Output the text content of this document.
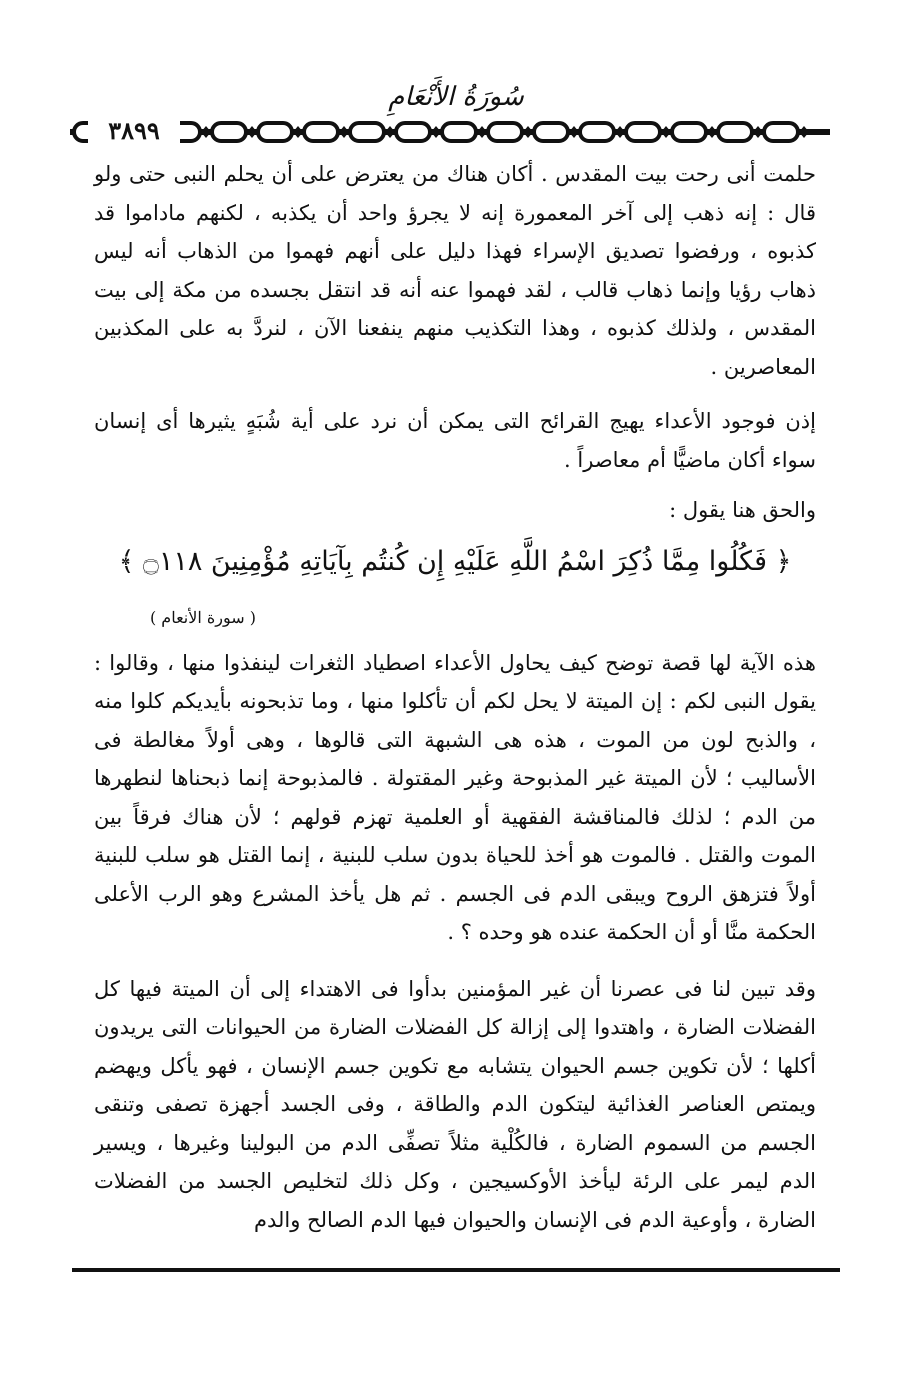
سُورَةُ الأَنْعَامِ
٣٨٩٩

حلمت أنى رحت بيت المقدس . أكان هناك من يعترض على أن يحلم النبى حتى ولو قال : إنه ذهب إلى آخر المعمورة إنه لا يجرؤ واحد أن يكذبه ، لكنهم ماداموا قد كذبوه ، ورفضوا تصديق الإسراء فهذا دليل على أنهم فهموا من الذهاب أنه ليس ذهاب رؤيا وإنما ذهاب قالب ، لقد فهموا عنه أنه قد انتقل بجسده من مكة إلى بيت المقدس ، ولذلك كذبوه ، وهذا التكذيب منهم ينفعنا الآن ، لنردَّ به على المكذبين المعاصرين .

إذن فوجود الأعداء يهيج القرائح التى يمكن أن نرد على أية شُبَهٍ يثيرها أى إنسان سواء أكان ماضيًّا أم معاصراً .

والحق هنا يقول :

﴿ فَكُلُوا مِمَّا ذُكِرَ اسْمُ اللَّهِ عَلَيْهِ إِن كُنتُم بِآيَاتِهِ مُؤْمِنِينَ ۝١١٨ ﴾
( سورة الأنعام )

هذه الآية لها قصة توضح كيف يحاول الأعداء اصطياد الثغرات لينفذوا منها ، وقالوا : يقول النبى لكم : إن الميتة لا يحل لكم أن تأكلوا منها ، وما تذبحونه بأيديكم كلوا منه ، والذبح لون من الموت ، هذه هى الشبهة التى قالوها ، وهى أولاً مغالطة فى الأساليب ؛ لأن الميتة غير المذبوحة وغير المقتولة . فالمذبوحة إنما ذبحناها لنطهرها من الدم ؛ لذلك فالمناقشة الفقهية أو العلمية تهزم قولهم ؛ لأن هناك فرقاً بين الموت والقتل . فالموت هو أخذ للحياة بدون سلب للبنية ، إنما القتل هو سلب للبنية أولاً فتزهق الروح ويبقى الدم فى الجسم . ثم هل يأخذ المشرع وهو الرب الأعلى الحكمة منَّا أو أن الحكمة عنده هو وحده ؟ .

وقد تبين لنا فى عصرنا أن غير المؤمنين بدأوا فى الاهتداء إلى أن الميتة فيها كل الفضلات الضارة ، واهتدوا إلى إزالة كل الفضلات الضارة من الحيوانات التى يريدون أكلها ؛ لأن تكوين جسم الحيوان يتشابه مع تكوين جسم الإنسان ، فهو يأكل ويهضم ويمتص العناصر الغذائية ليتكون الدم والطاقة ، وفى الجسد أجهزة تصفى وتنقى الجسم من السموم الضارة ، فالكُلْية مثلاً تصفِّى الدم من البولينا وغيرها ، ويسير الدم ليمر على الرئة ليأخذ الأوكسيجين ، وكل ذلك لتخليص الجسد من الفضلات الضارة ، وأوعية الدم فى الإنسان والحيوان فيها الدم الصالح والدم
